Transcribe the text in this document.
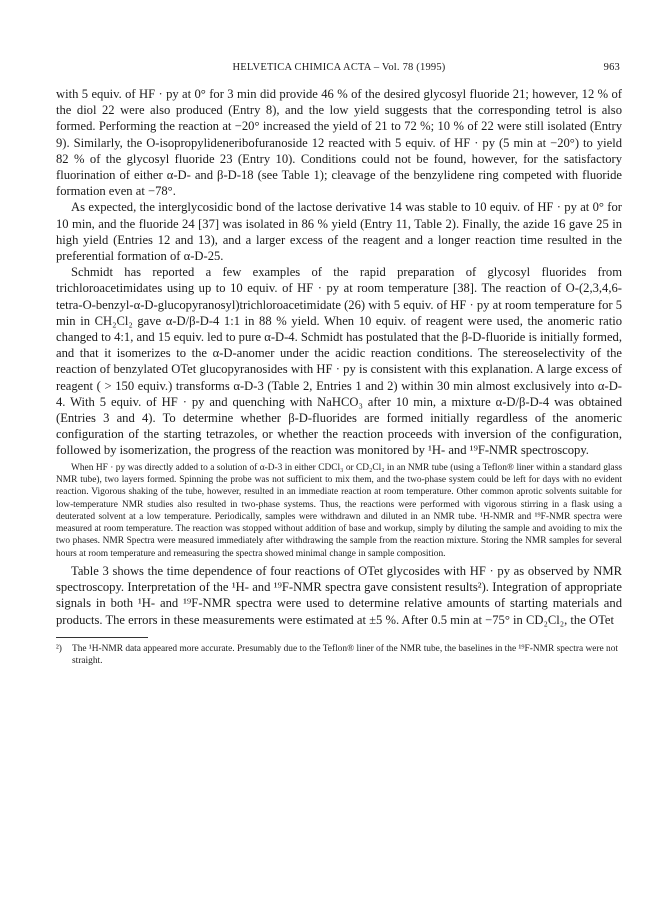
HELVETICA CHIMICA ACTA – Vol. 78 (1995)	963

with 5 equiv. of HF · py at 0° for 3 min did provide 46 % of the desired glycosyl fluoride 21; however, 12 % of the diol 22 were also produced (Entry 8), and the low yield suggests that the corresponding tetrol is also formed. Performing the reaction at −20° increased the yield of 21 to 72 %; 10 % of 22 were still isolated (Entry 9). Similarly, the O-isopropylideneribofuranoside 12 reacted with 5 equiv. of HF · py (5 min at −20°) to yield 82 % of the glycosyl fluoride 23 (Entry 10). Conditions could not be found, however, for the satisfactory fluorination of either α-D- and β-D-18 (see Table 1); cleavage of the benzylidene ring competed with fluoride formation even at −78°.

As expected, the interglycosidic bond of the lactose derivative 14 was stable to 10 equiv. of HF · py at 0° for 10 min, and the fluoride 24 [37] was isolated in 86 % yield (Entry 11, Table 2). Finally, the azide 16 gave 25 in high yield (Entries 12 and 13), and a larger excess of the reagent and a longer reaction time resulted in the preferential formation of α-D-25.

Schmidt has reported a few examples of the rapid preparation of glycosyl fluorides from trichloroacetimidates using up to 10 equiv. of HF · py at room temperature [38]. The reaction of O-(2,3,4,6-tetra-O-benzyl-α-D-glucopyranosyl)trichloroacetimidate (26) with 5 equiv. of HF · py at room temperature for 5 min in CH₂Cl₂ gave α-D/β-D-4 1:1 in 88 % yield. When 10 equiv. of reagent were used, the anomeric ratio changed to 4:1, and 15 equiv. led to pure α-D-4. Schmidt has postulated that the β-D-fluoride is initially formed, and that it isomerizes to the α-D-anomer under the acidic reaction conditions. The stereoselectivity of the reaction of benzylated OTet glucopyranosides with HF · py is consistent with this explanation. A large excess of reagent ( > 150 equiv.) transforms α-D-3 (Table 2, Entries 1 and 2) within 30 min almost exclusively into α-D-4. With 5 equiv. of HF · py and quenching with NaHCO₃ after 10 min, a mixture α-D/β-D-4 was obtained (Entries 3 and 4). To determine whether β-D-fluorides are formed initially regardless of the anomeric configuration of the starting tetrazoles, or whether the reaction proceeds with inversion of the configuration, followed by isomerization, the progress of the reaction was monitored by ¹H- and ¹⁹F-NMR spectroscopy.

When HF · py was directly added to a solution of α-D-3 in either CDCl₃ or CD₂Cl₂ in an NMR tube (using a Teflon® liner within a standard glass NMR tube), two layers formed. Spinning the probe was not sufficient to mix them, and the two-phase system could be left for days with no evident reaction. Vigorous shaking of the tube, however, resulted in an immediate reaction at room temperature. Other common aprotic solvents suitable for low-temperature NMR studies also resulted in two-phase systems. Thus, the reactions were performed with vigorous stirring in a flask using a deuterated solvent at a low temperature. Periodically, samples were withdrawn and diluted in an NMR tube. ¹H-NMR and ¹⁹F-NMR spectra were measured at room temperature. The reaction was stopped without addition of base and workup, simply by diluting the sample and avoiding to mix the two phases. NMR Spectra were measured immediately after withdrawing the sample from the reaction mixture. Storing the NMR samples for several hours at room temperature and remeasuring the spectra showed minimal change in sample composition.

Table 3 shows the time dependence of four reactions of OTet glycosides with HF · py as observed by NMR spectroscopy. Interpretation of the ¹H- and ¹⁹F-NMR spectra gave consistent results²). Integration of appropriate signals in both ¹H- and ¹⁹F-NMR spectra were used to determine relative amounts of starting materials and products. The errors in these measurements were estimated at ±5 %. After 0.5 min at −75° in CD₂Cl₂, the OTet

²) The ¹H-NMR data appeared more accurate. Presumably due to the Teflon® liner of the NMR tube, the baselines in the ¹⁹F-NMR spectra were not straight.
